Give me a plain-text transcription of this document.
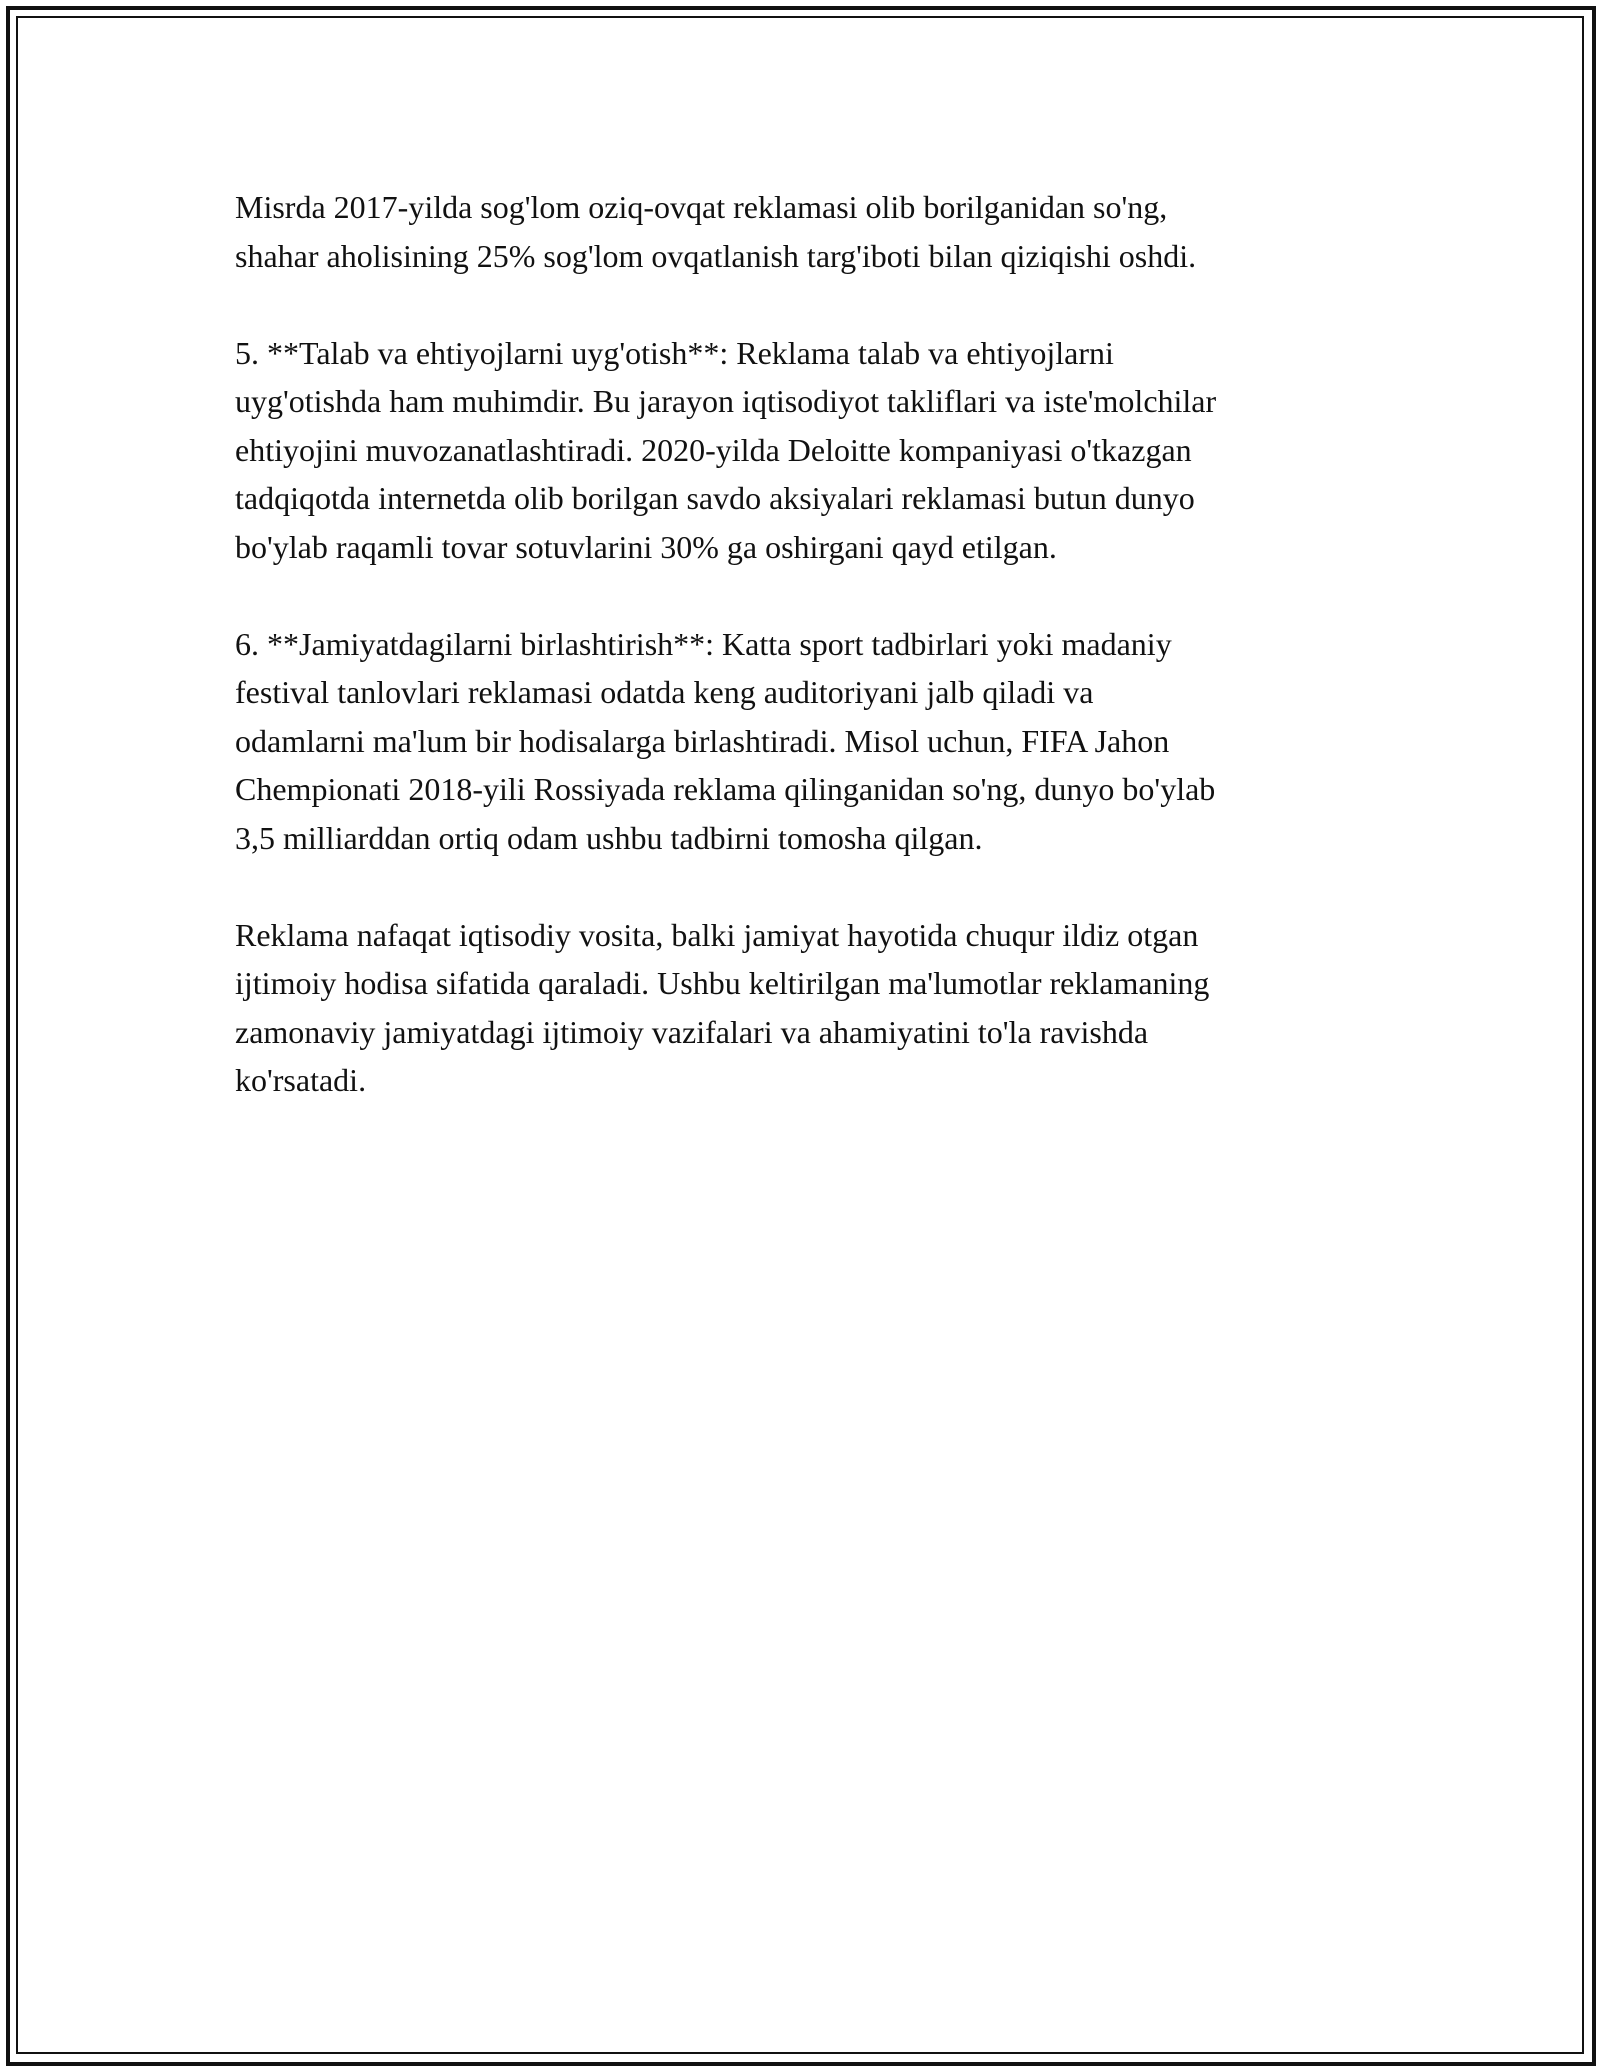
Misrda 2017-yilda sog'lom oziq-ovqat reklamasi olib borilganidan so'ng,
shahar aholisining 25% sog'lom ovqatlanish targ'iboti bilan qiziqishi oshdi.

5. **Talab va ehtiyojlarni uyg'otish**: Reklama talab va ehtiyojlarni
uyg'otishda ham muhimdir. Bu jarayon iqtisodiyot takliflari va iste'molchilar
ehtiyojini muvozanatlashtiradi. 2020-yilda Deloitte kompaniyasi o'tkazgan
tadqiqotda internetda olib borilgan savdo aksiyalari reklamasi butun dunyo
bo'ylab raqamli tovar sotuvlarini 30% ga oshirgani qayd etilgan.

6. **Jamiyatdagilarni birlashtirish**: Katta sport tadbirlari yoki madaniy
festival tanlovlari reklamasi odatda keng auditoriyani jalb qiladi va
odamlarni ma'lum bir hodisalarga birlashtiradi. Misol uchun, FIFA Jahon
Chempionati 2018-yili Rossiyada reklama qilinganidan so'ng, dunyo bo'ylab
3,5 milliarddan ortiq odam ushbu tadbirni tomosha qilgan.

Reklama nafaqat iqtisodiy vosita, balki jamiyat hayotida chuqur ildiz otgan
ijtimoiy hodisa sifatida qaraladi. Ushbu keltirilgan ma'lumotlar reklamaning
zamonaviy jamiyatdagi ijtimoiy vazifalari va ahamiyatini to'la ravishda
ko'rsatadi.
